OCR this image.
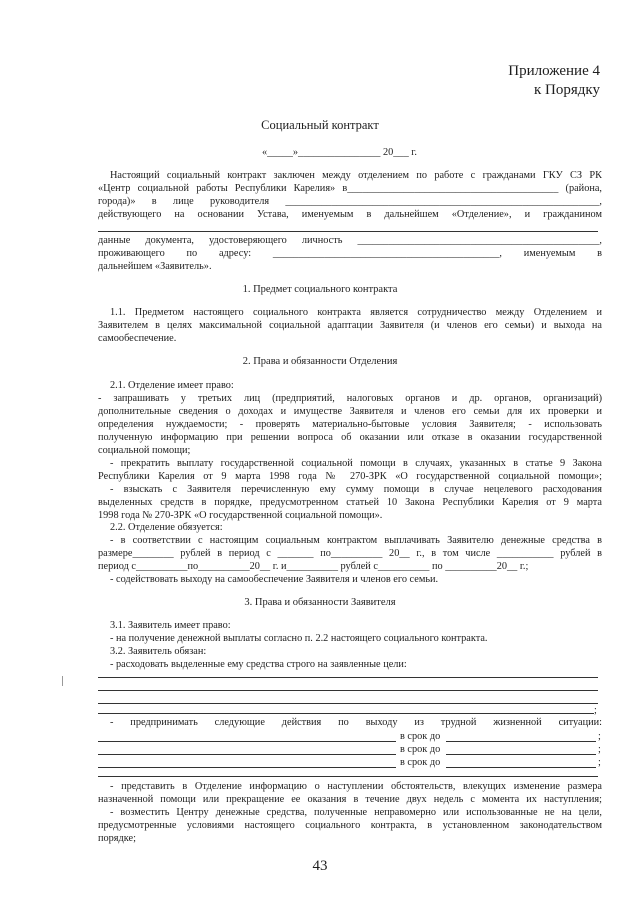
Приложение 4
к Порядку
Социальный контракт
«_____»________________ 20___ г.
Настоящий социальный контракт заключен между отделением по работе с гражданами ГКУ СЗ РК
«Центр социальной работы Республики Карелия» в_________________________________________ (района,
города)» в лице руководителя _____________________________________________________________,
действующего на основании Устава, именуемым в дальнейшем «Отделение», и гражданином
данные документа, удостоверяющего личность _______________________________________________,
проживающего по адресу: ____________________________________________, именуемым в
дальнейшем «Заявитель».
1. Предмет социального контракта
1.1. Предметом настоящего социального контракта является сотрудничество между Отделением и
Заявителем в целях максимальной социальной адаптации Заявителя (и членов его семьи) и выхода на
самообеспечение.
2. Права и обязанности Отделения
2.1. Отделение имеет право:
- запрашивать у третьих лиц (предприятий, налоговых органов и др. органов, организаций)
дополнительные сведения о доходах и имуществе Заявителя и членов его семьи для их проверки и
определения нуждаемости; - проверять материально-бытовые условия Заявителя; - использовать
полученную информацию при решении вопроса об оказании или отказе в оказании государственной
социальной помощи;
- прекратить выплату государственной социальной помощи в случаях, указанных в статье 9 Закона
Республики Карелия от 9 марта 1998 года № 270-ЗРК «О государственной социальной помощи»;
- взыскать с Заявителя перечисленную ему сумму помощи в случае нецелевого расходования
выделенных средств в порядке, предусмотренном статьей 10 Закона Республики Карелия от 9 марта
1998 года № 270-ЗРК «О государственной социальной помощи».
2.2. Отделение обязуется:
- в соответствии с настоящим социальным контрактом выплачивать Заявителю денежные средства в
размере________ рублей в период с _______ по__________ 20__ г., в том числе ___________ рублей в
период с__________по__________20__ г. и__________ рублей с__________ по __________20__ г.;
- содействовать выходу на самообеспечение Заявителя и членов его семьи.
3. Права и обязанности Заявителя
3.1. Заявитель имеет право:
- на получение денежной выплаты согласно п. 2.2 настоящего социального контракта.
3.2. Заявитель обязан:
- расходовать выделенные ему средства строго на заявленные цели:
;
- предпринимать следующие действия по выходу из трудной жизненной ситуации:
в срок до	;
в срок до	;
в срок до	;
- представить в Отделение информацию о наступлении обстоятельств, влекущих изменение размера
назначенной помощи или прекращение ее оказания в течение двух недель с момента их наступления;
- возместить Центру денежные средства, полученные неправомерно или использованные не на цели,
предусмотренные условиями настоящего социального контракта, в установленном законодательством
порядке;
43
